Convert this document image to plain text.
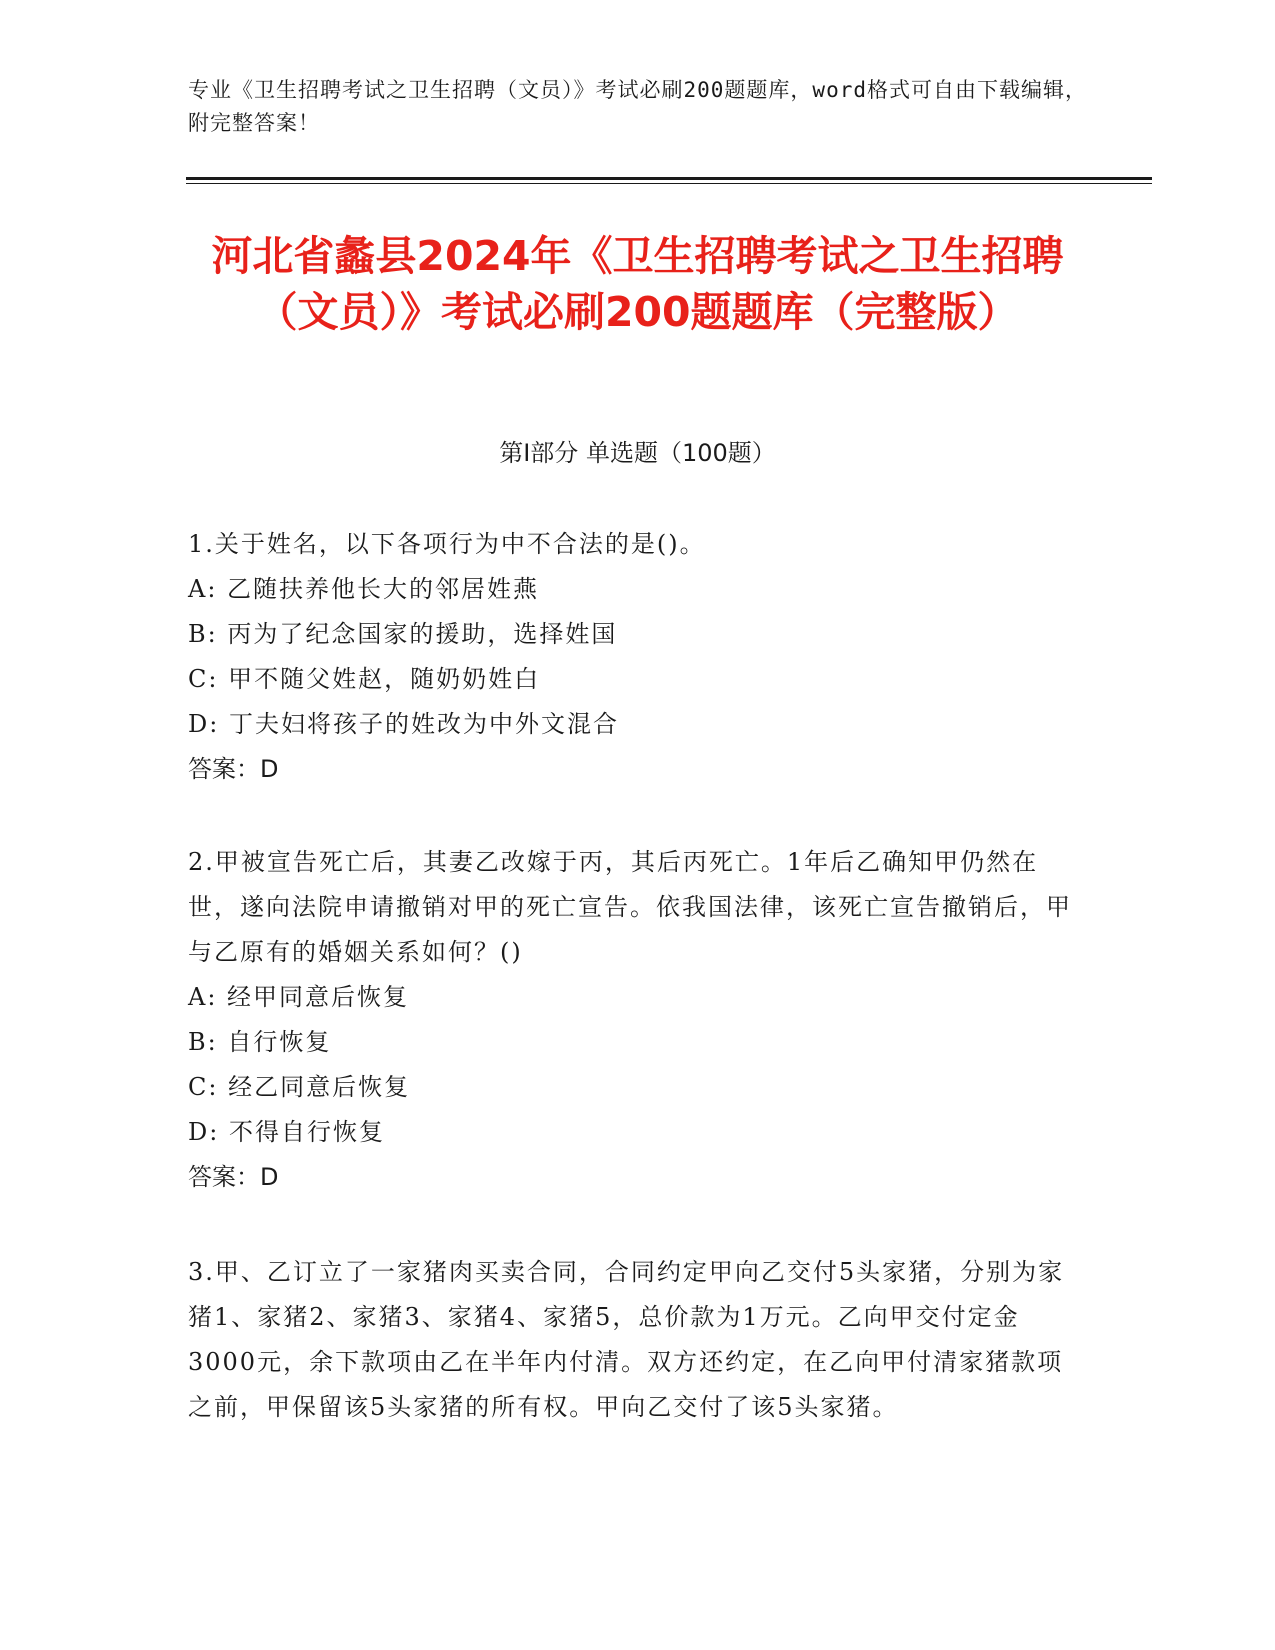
专业《卫生招聘考试之卫生招聘（文员）》考试必刷200题题库，word格式可自由下载编辑，附完整答案！
河北省蠡县2024年《卫生招聘考试之卫生招聘（文员）》考试必刷200题题库（完整版）
第I部分 单选题（100题）
1.关于姓名，以下各项行为中不合法的是()。
A: 乙随扶养他长大的邻居姓燕
B: 丙为了纪念国家的援助，选择姓国
C: 甲不随父姓赵，随奶奶姓白
D: 丁夫妇将孩子的姓改为中外文混合
答案：D
2.甲被宣告死亡后，其妻乙改嫁于丙，其后丙死亡。1年后乙确知甲仍然在世，遂向法院申请撤销对甲的死亡宣告。依我国法律，该死亡宣告撤销后，甲与乙原有的婚姻关系如何？()
A: 经甲同意后恢复
B: 自行恢复
C: 经乙同意后恢复
D: 不得自行恢复
答案：D
3.甲、乙订立了一家猪肉买卖合同，合同约定甲向乙交付5头家猪，分别为家猪1、家猪2、家猪3、家猪4、家猪5，总价款为1万元。乙向甲交付定金3000元，余下款项由乙在半年内付清。双方还约定，在乙向甲付清家猪款项之前，甲保留该5头家猪的所有权。甲向乙交付了该5头家猪。
